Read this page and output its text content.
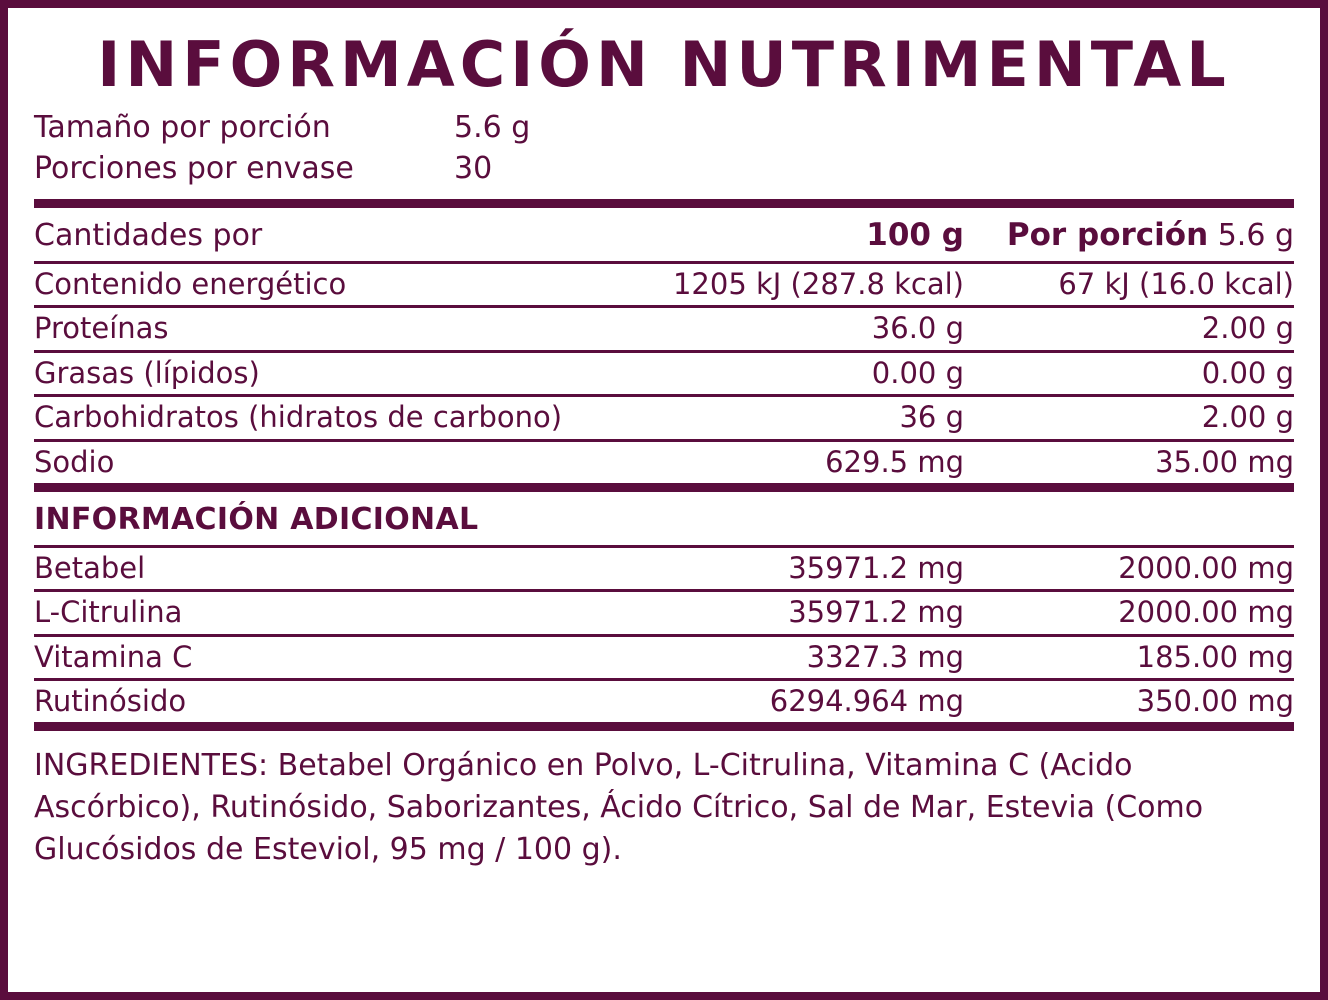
INFORMACIÓN NUTRIMENTAL
Tamaño por porción	5.6 g
Porciones por envase	30
Cantidades por	100 g	Por porción 5.6 g
Contenido energético	1205 kJ (287.8 kcal)	67 kJ (16.0 kcal)
Proteínas	36.0 g	2.00 g
Grasas (lípidos)	0.00 g	0.00 g
Carbohidratos (hidratos de carbono)	36 g	2.00 g
Sodio	629.5 mg	35.00 mg
INFORMACIÓN ADICIONAL
Betabel	35971.2 mg	2000.00 mg
L-Citrulina	35971.2 mg	2000.00 mg
Vitamina C	3327.3 mg	185.00 mg
Rutinósido	6294.964 mg	350.00 mg
INGREDIENTES: Betabel Orgánico en Polvo, L-Citrulina, Vitamina C (Acido Ascórbico), Rutinósido, Saborizantes, Ácido Cítrico, Sal de Mar, Estevia (Como Glucósidos de Esteviol, 95 mg / 100 g).
